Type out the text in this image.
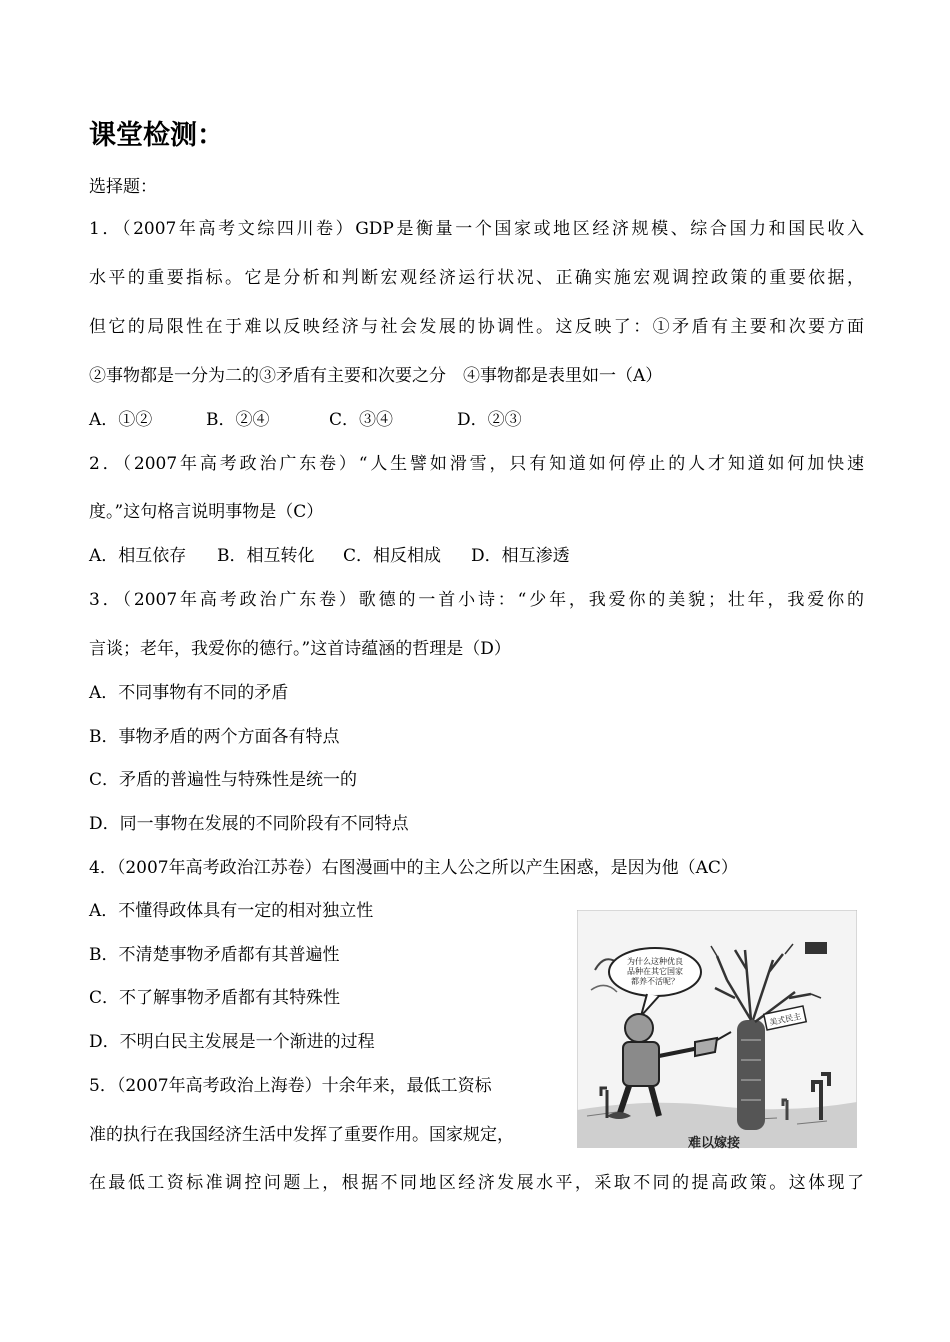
课堂检测：
选择题：
1．（2007年高考文综四川卷）GDP是衡量一个国家或地区经济规模、综合国力和国民收入
水平的重要指标。它是分析和判断宏观经济运行状况、正确实施宏观调控政策的重要依据，
但它的局限性在于难以反映经济与社会发展的协调性。这反映了：①矛盾有主要和次要方面
②事物都是一分为二的③矛盾有主要和次要之分　④事物都是表里如一（A）
A．①②	B．②④	C．③④	D．②③
2．（2007年高考政治广东卷）“人生譬如滑雪，只有知道如何停止的人才知道如何加快速
度。”这句格言说明事物是（C）
A．相互依存 B．相互转化 C．相反相成 D．相互渗透
3．（2007年高考政治广东卷）歌德的一首小诗：“少年，我爱你的美貌；壮年，我爱你的
言谈；老年，我爱你的德行。”这首诗蕴涵的哲理是（D）
A．不同事物有不同的矛盾
B．事物矛盾的两个方面各有特点
C．矛盾的普遍性与特殊性是统一的
D．同一事物在发展的不同阶段有不同特点
4．（2007年高考政治江苏卷）右图漫画中的主人公之所以产生困惑，是因为他（AC）
A．不懂得政体具有一定的相对独立性
B．不清楚事物矛盾都有其普遍性
C．不了解事物矛盾都有其特殊性
D．不明白民主发展是一个渐进的过程
5．（2007年高考政治上海卷）十余年来，最低工资标
准的执行在我国经济生活中发挥了重要作用。国家规定，
在最低工资标准调控问题上，根据不同地区经济发展水平，采取不同的提高政策。这体现了
为什么这种优良
品种在其它国家
都养不活呢？
美式民主
难以嫁接
